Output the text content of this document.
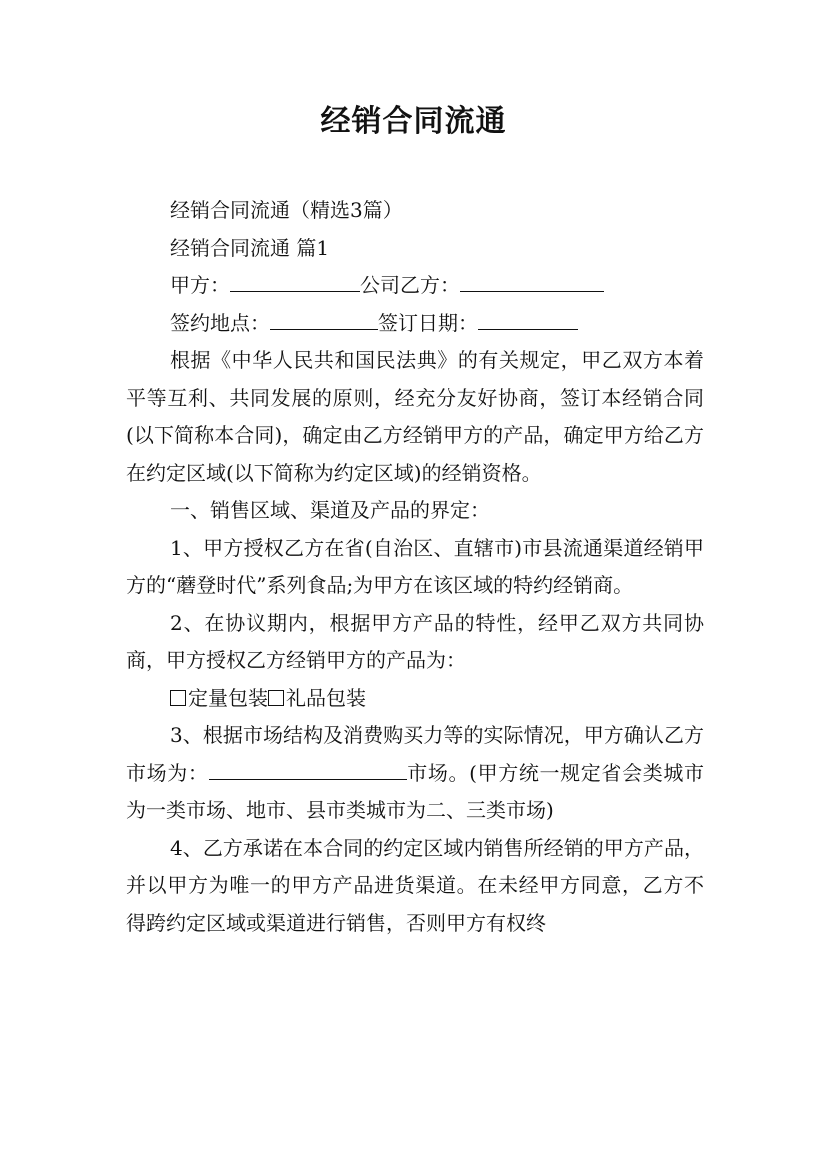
经销合同流通

经销合同流通（精选3篇）

经销合同流通 篇1

甲方：	公司乙方：

签约地点：	签订日期：

根据《中华人民共和国民法典》的有关规定，甲乙双方本着平等互利、共同发展的原则，经充分友好协商，签订本经销合同(以下简称本合同)，确定由乙方经销甲方的产品，确定甲方给乙方在约定区域(以下简称为约定区域)的经销资格。

一、销售区域、渠道及产品的界定：

1、甲方授权乙方在省(自治区、直辖市)市县流通渠道经销甲方的“蘑登时代”系列食品;为甲方在该区域的特约经销商。

2、在协议期内，根据甲方产品的特性，经甲乙双方共同协商，甲方授权乙方经销甲方的产品为：

定量包装 礼品包装

3、根据市场结构及消费购买力等的实际情况，甲方确认乙方市场为：	市场。(甲方统一规定省会类城市为一类市场、地市、县市类城市为二、三类市场)

4、乙方承诺在本合同的约定区域内销售所经销的甲方产品，并以甲方为唯一的甲方产品进货渠道。在未经甲方同意，乙方不得跨约定区域或渠道进行销售，否则甲方有权终
